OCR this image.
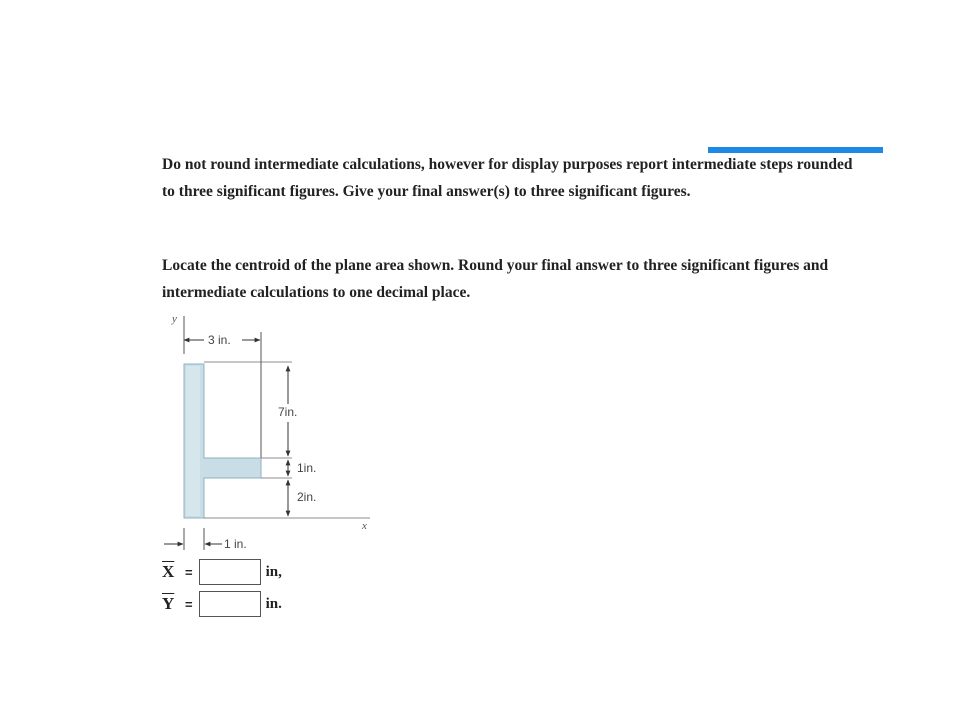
Do not round intermediate calculations, however for display purposes report intermediate steps rounded to three significant figures. Give your final answer(s) to three significant figures.
Locate the centroid of the plane area shown. Round your final answer to three significant figures and intermediate calculations to one decimal place.
y
3 in.
7in.
1in.
2in.
x
1 in.
$\overline{X}$ =	in,
$\overline{Y}$ =	in.
